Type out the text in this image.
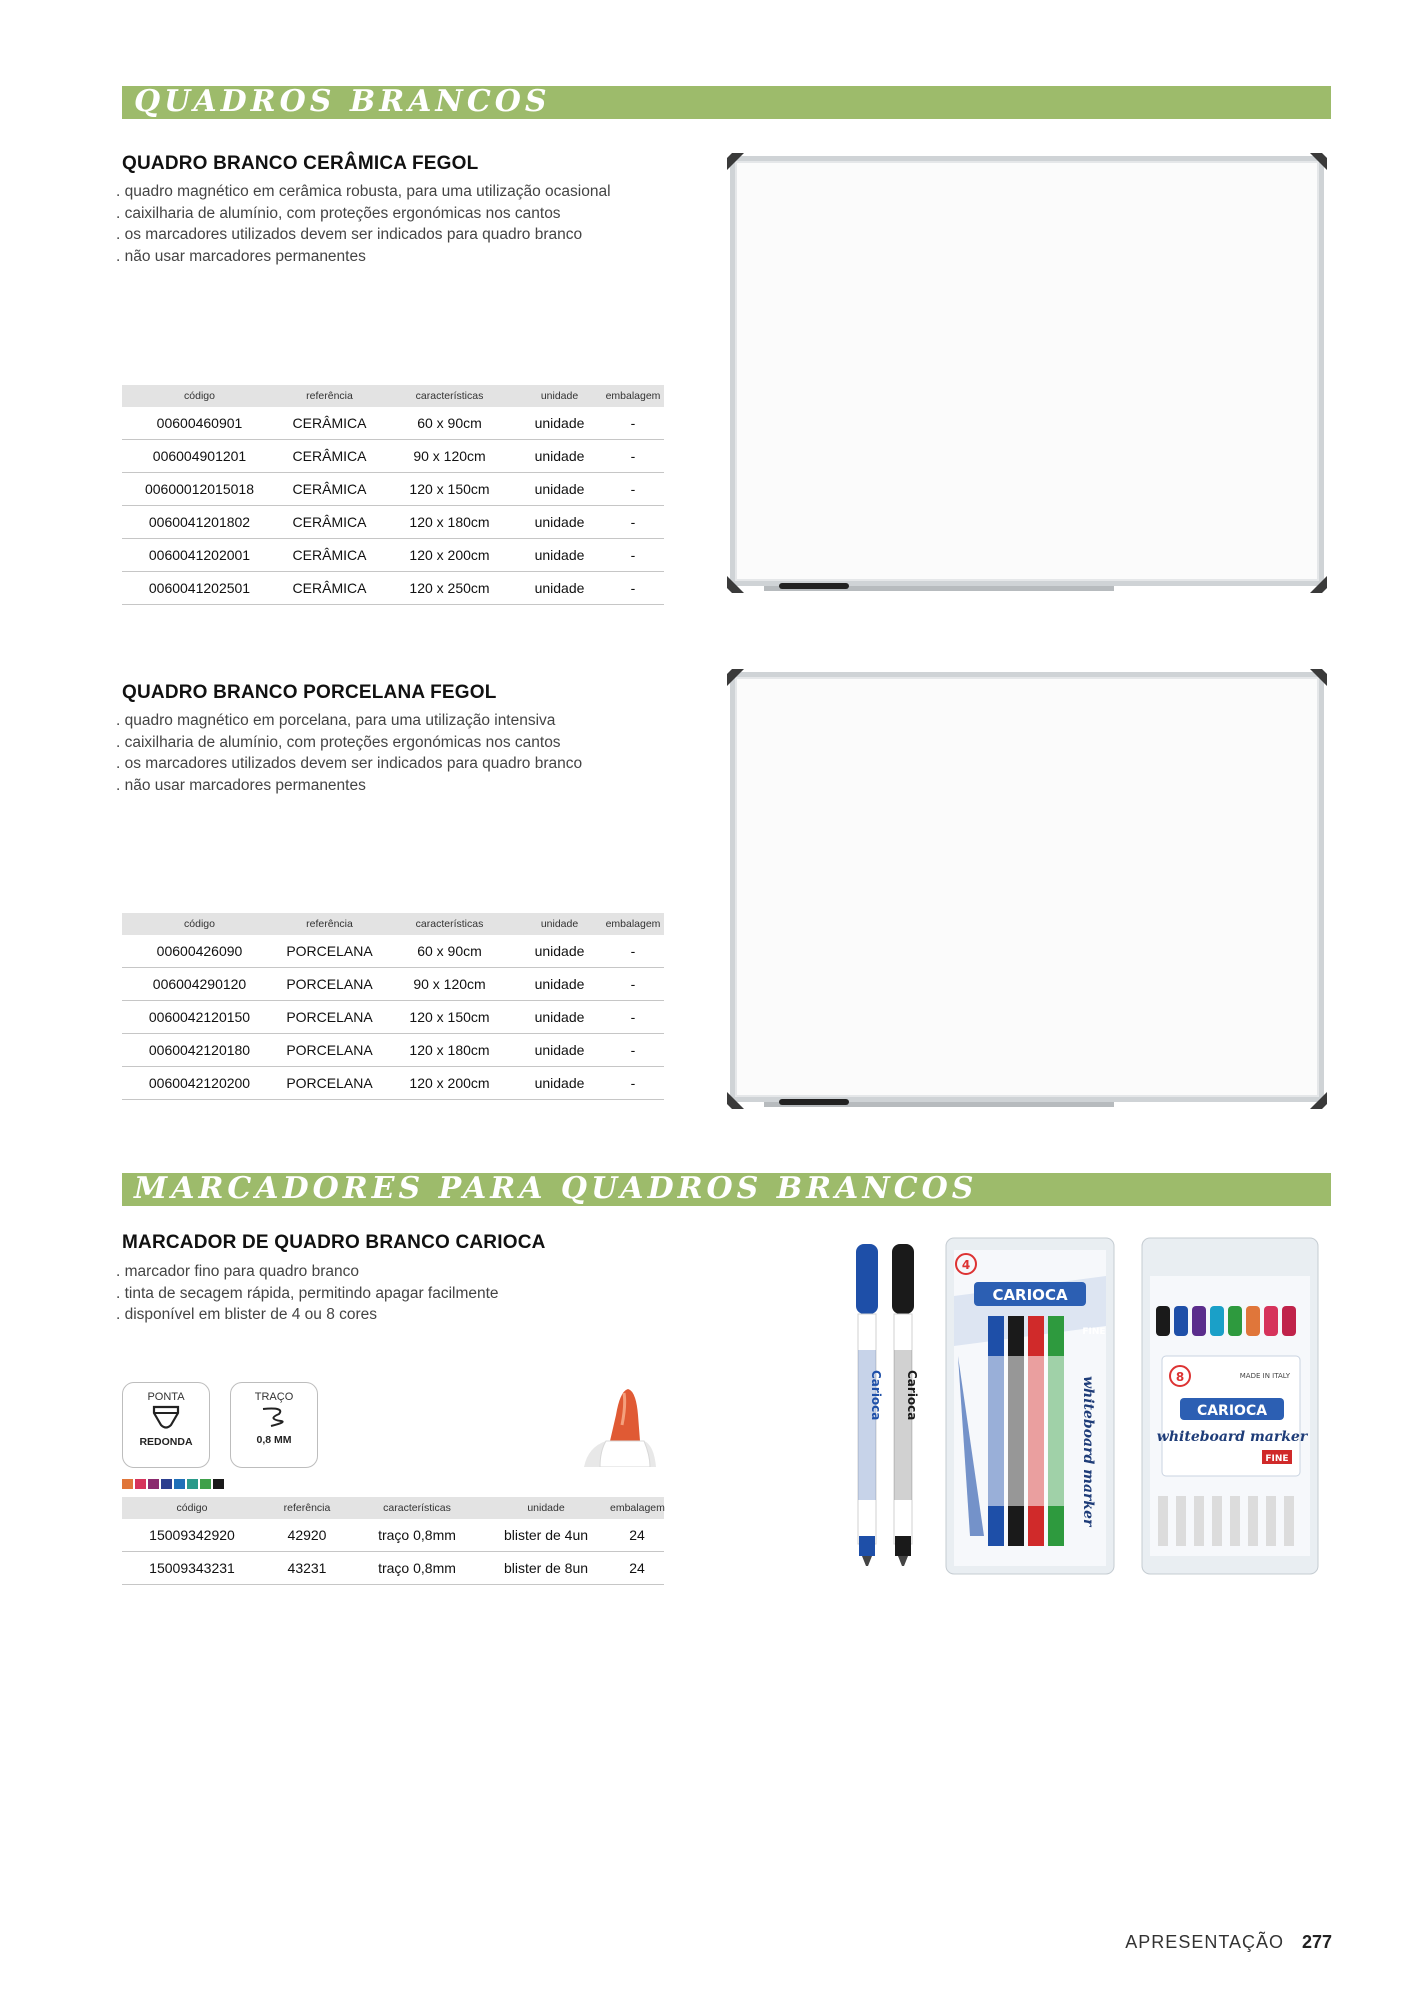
QUADROS BRANCOS
QUADRO BRANCO CERÂMICA FEGOL
. quadro magnético em cerâmica robusta, para uma utilização ocasional
. caixilharia de alumínio, com proteções ergonómicas nos cantos
. os marcadores utilizados devem ser indicados para quadro branco
. não usar marcadores permanentes
código	referência	características	unidade	embalagem
00600460901	CERÂMICA	60 x 90cm	unidade	-
006004901201	CERÂMICA	90 x 120cm	unidade	-
00600012015018	CERÂMICA	120 x 150cm	unidade	-
0060041201802	CERÂMICA	120 x 180cm	unidade	-
0060041202001	CERÂMICA	120 x 200cm	unidade	-
0060041202501	CERÂMICA	120 x 250cm	unidade	-
QUADRO BRANCO PORCELANA FEGOL
. quadro magnético em porcelana, para uma utilização intensiva
. caixilharia de alumínio, com proteções ergonómicas nos cantos
. os marcadores utilizados devem ser indicados para quadro branco
. não usar marcadores permanentes
código	referência	características	unidade	embalagem
00600426090	PORCELANA	60 x 90cm	unidade	-
006004290120	PORCELANA	90 x 120cm	unidade	-
0060042120150	PORCELANA	120 x 150cm	unidade	-
0060042120180	PORCELANA	120 x 180cm	unidade	-
0060042120200	PORCELANA	120 x 200cm	unidade	-
MARCADORES PARA QUADROS BRANCOS
MARCADOR DE QUADRO BRANCO CARIOCA
. marcador fino para quadro branco
. tinta de secagem rápida, permitindo apagar facilmente
. disponível em blister de 4 ou 8 cores
PONTA
REDONDA
TRAÇO
0,8 MM
código	referência	características	unidade	embalagem
15009342920	42920	traço 0,8mm	blister de 4un	24
15009343231	43231	traço 0,8mm	blister de 8un	24
Carioca Carioca
4
CARIOCA
whiteboard marker
FINE
8	MADE IN ITALY
CARIOCA
whiteboard marker
FINE
APRESENTAÇÃO 277
